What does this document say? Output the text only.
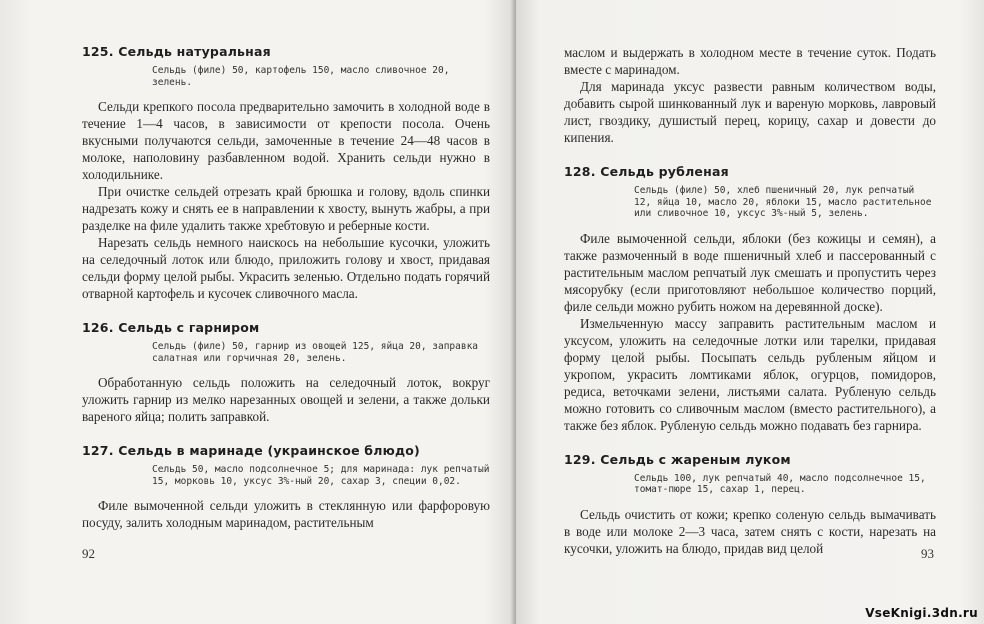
125. Сельдь натуральная

Сельдь (филе) 50, картофель 150, масло сливочное 20, зелень.

Сельди крепкого посола предварительно замочить в холодной воде в течение 1—4 часов, в зависимости от крепости посола. Очень вкусными получаются сельди, замоченные в течение 24—48 часов в молоке, наполовину разбавленном водой. Хранить сельди нужно в холодильнике.

При очистке сельдей отрезать край брюшка и голову, вдоль спинки надрезать кожу и снять ее в направлении к хвосту, вынуть жабры, а при разделке на филе удалить также хребтовую и реберные кости.

Нарезать сельдь немного наискось на небольшие кусочки, уложить на селедочный лоток или блюдо, приложить голову и хвост, придавая сельди форму целой рыбы. Украсить зеленью. Отдельно подать горячий отварной картофель и кусочек сливочного масла.

126. Сельдь с гарниром

Сельдь (филе) 50, гарнир из овощей 125, яйца 20, заправка салатная или горчичная 20, зелень.

Обработанную сельдь положить на селедочный лоток, вокруг уложить гарнир из мелко нарезанных овощей и зелени, а также дольки вареного яйца; полить заправкой.

127. Сельдь в маринаде (украинское блюдо)

Сельдь 50, масло подсолнечное 5; для маринада: лук репчатый 15, морковь 10, уксус 3%-ный 20, сахар 3, специи 0,02.

Филе вымоченной сельди уложить в стеклянную или фарфоровую посуду, залить холодным маринадом, растительным

92

маслом и выдержать в холодном месте в течение суток. Подать вместе с маринадом.

Для маринада уксус развести равным количеством воды, добавить сырой шинкованный лук и вареную морковь, лавровый лист, гвоздику, душистый перец, корицу, сахар и довести до кипения.

128. Сельдь рубленая

Сельдь (филе) 50, хлеб пшеничный 20, лук репчатый 12, яйца 10, масло 20, яблоки 15, масло растительное или сливочное 10, уксус 3%-ный 5, зелень.

Филе вымоченной сельди, яблоки (без кожицы и семян), а также размоченный в воде пшеничный хлеб и пассерованный с растительным маслом репчатый лук смешать и пропустить через мясорубку (если приготовляют небольшое количество порций, филе сельди можно рубить ножом на деревянной доске).

Измельченную массу заправить растительным маслом и уксусом, уложить на селедочные лотки или тарелки, придавая форму целой рыбы. Посыпать сельдь рубленым яйцом и укропом, украсить ломтиками яблок, огурцов, помидоров, редиса, веточками зелени, листьями салата. Рубленую сельдь можно готовить со сливочным маслом (вместо растительного), а также без яблок. Рубленую сельдь можно подавать без гарнира.

129. Сельдь с жареным луком

Сельдь 100, лук репчатый 40, масло подсолнечное 15, томат-пюре 15, сахар 1, перец.

Сельдь очистить от кожи; крепко соленую сельдь вымачивать в воде или молоке 2—3 часа, затем снять с кости, нарезать на кусочки, уложить на блюдо, придав вид целой	93
VseKnigi.3dn.ru
